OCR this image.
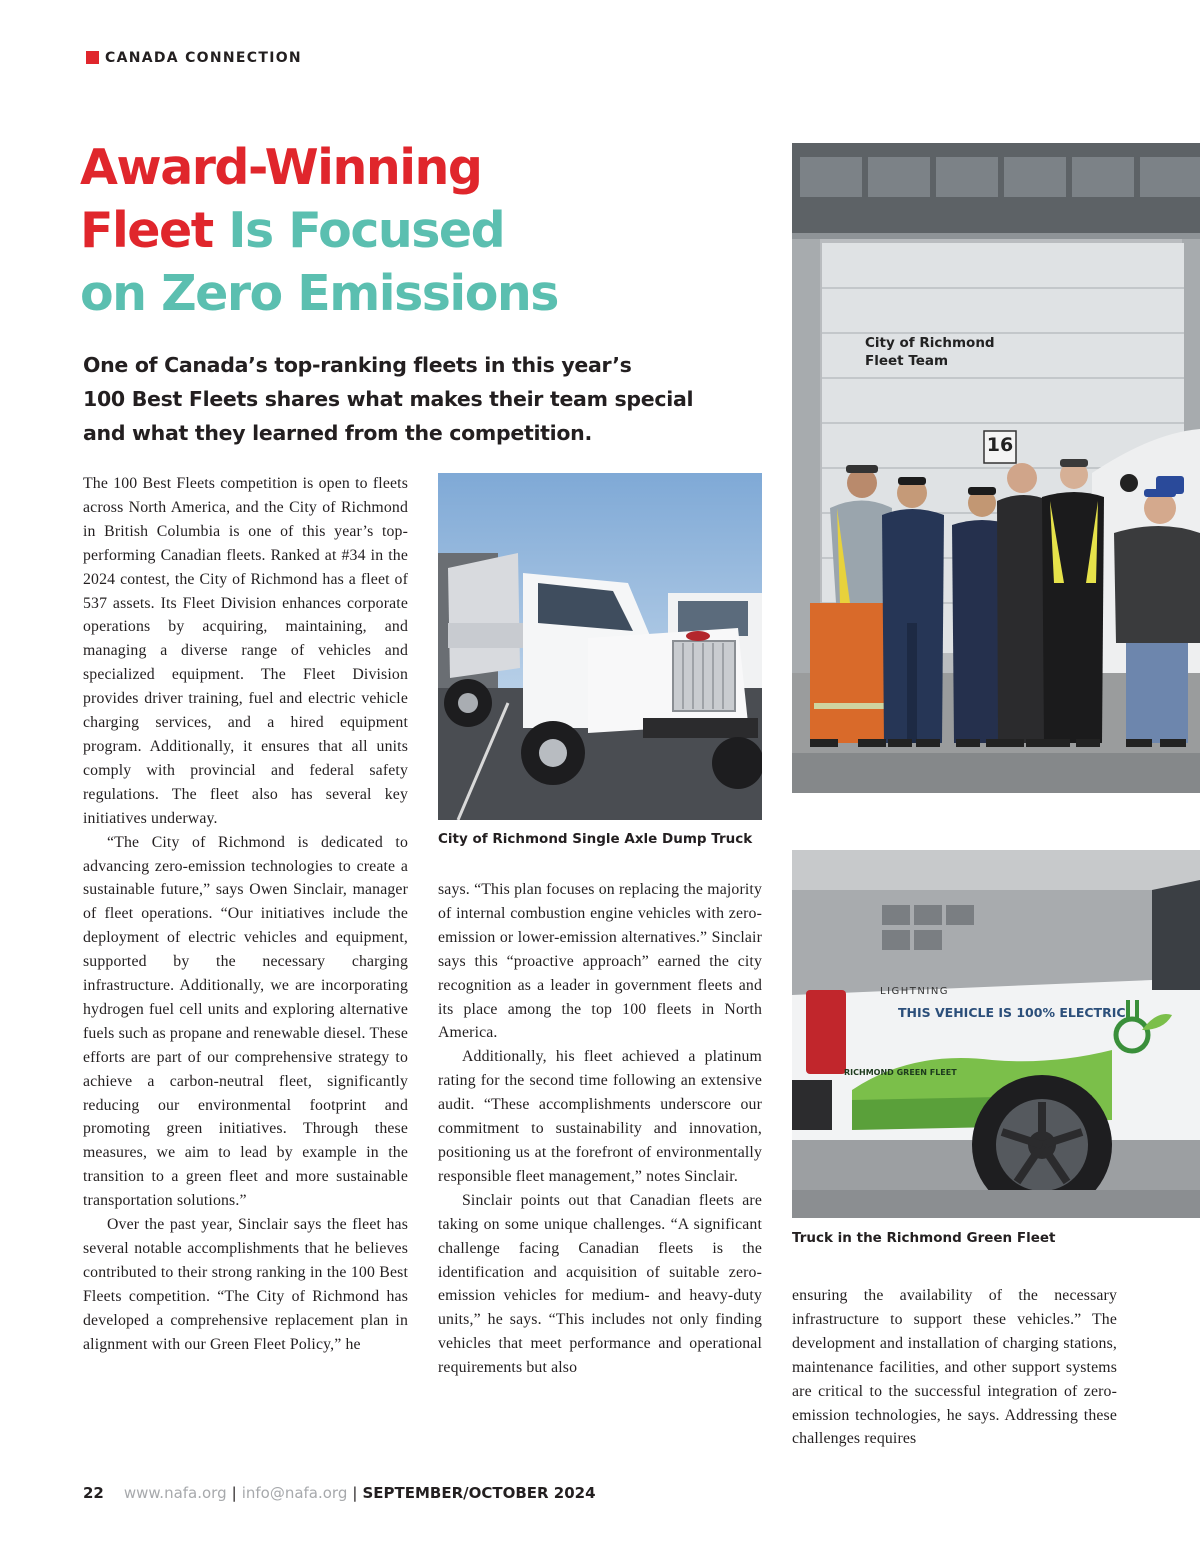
CANADA CONNECTION
Award-Winning
Fleet Is Focused
on Zero Emissions
One of Canada’s top-ranking fleets in this year’s
100 Best Fleets shares what makes their team special
and what they learned from the competition.
City of Richmond
Fleet Team
16
City of Richmond Single Axle Dump Truck
LIGHTNING
THIS VEHICLE IS 100% ELECTRIC
RICHMOND GREEN FLEET
Truck in the Richmond Green Fleet

The 100 Best Fleets competition is open to fleets across North America, and the City of Richmond in British Columbia is one of this year’s top-performing Canadian fleets. Ranked at #34 in the 2024 contest, the City of Richmond has a fleet of 537 assets. Its Fleet Division enhances corporate operations by acquiring, maintaining, and managing a diverse range of vehicles and specialized equipment. The Fleet Division provides driver training, fuel and electric vehicle charging services, and a hired equipment program. Additionally, it ensures that all units comply with provincial and federal safety regulations. The fleet also has several key initiatives underway.

“The City of Richmond is dedicated to advancing zero-emission technologies to create a sustainable future,” says Owen Sinclair, manager of fleet operations. “Our initiatives include the deployment of electric vehicles and equipment, supported by the necessary charging infrastructure. Additionally, we are incorporating hydrogen fuel cell units and exploring alternative fuels such as propane and renewable diesel. These efforts are part of our comprehensive strategy to achieve a carbon-neutral fleet, significantly reducing our environmental footprint and promoting green initiatives. Through these measures, we aim to lead by example in the transition to a green fleet and more sustainable transportation solutions.”

Over the past year, Sinclair says the fleet has several notable accomplishments that he believes contributed to their strong ranking in the 100 Best Fleets competition. “The City of Richmond has developed a comprehensive replacement plan in alignment with our Green Fleet Policy,” he

says. “This plan focuses on replacing the majority of internal combustion engine vehicles with zero-emission or lower-emission alternatives.” Sinclair says this “proactive approach” earned the city recognition as a leader in government fleets and its place among the top 100 fleets in North America.

Additionally, his fleet achieved a platinum rating for the second time following an extensive audit. “These accomplishments underscore our commitment to sustainability and innovation, positioning us at the forefront of environmentally responsible fleet management,” notes Sinclair.

Sinclair points out that Canadian fleets are taking on some unique challenges. “A significant challenge facing Canadian fleets is the identification and acquisition of suitable zero-emission vehicles for medium- and heavy-duty units,” he says. “This includes not only finding vehicles that meet performance and operational requirements but also

ensuring the availability of the necessary infrastructure to support these vehicles.” The development and installation of charging stations, maintenance facilities, and other support systems are critical to the successful integration of zero-emission technologies, he says. Addressing these challenges requires

22 www.nafa.org | info@nafa.org | SEPTEMBER/OCTOBER 2024
